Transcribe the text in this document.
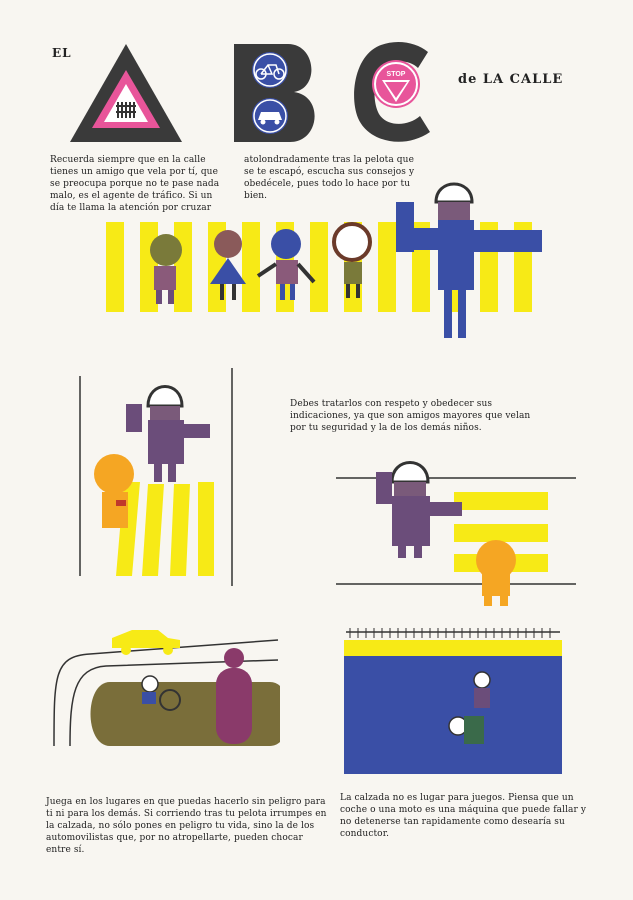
EL
de LA CALLE
STOP
Recuerda siempre que en la calle tienes un amigo que vela por tí, que se preocupa porque no te pase nada malo, es el agente de tráfico. Si un día te llama la atención por cruzar
atolondradamente tras la pelota que se te escapó, escucha sus consejos y obedécele, pues todo lo hace por tu bien.
Debes tratarlos con respeto y obedecer sus indicaciones, ya que son amigos mayores que velan por tu seguridad y la de los demás niños.
Juega en los lugares en que puedas hacerlo sin peligro para ti ni para los demás. Si corriendo tras tu pelota irrumpes en la calzada, no sólo pones en peligro tu vida, sino la de los automovilistas que, por no atropellarte, pueden chocar entre sí.
La calzada no es lugar para juegos. Piensa que un coche o una moto es una máquina que puede fallar y no detenerse tan rapidamente como desearía su conductor.
